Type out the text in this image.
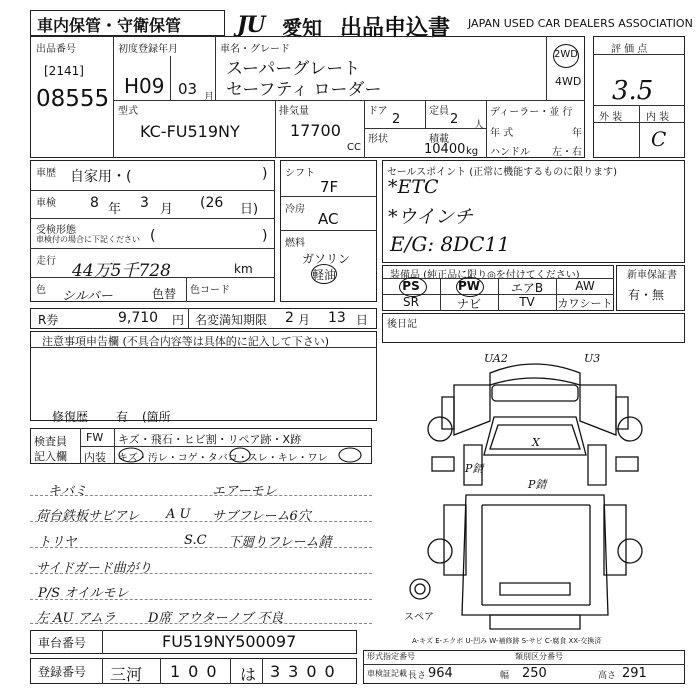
車内保管・守衛保管	JU 愛知 出品申込書 JAPAN USED CAR DEALERS ASSOCIATION
出品番号
[2141]
08555
初度登録年月
H09 03 月
車名・グレード
スーパーグレート
セーフティ ローダー
2WD
4WD
型式
KC-FU519NY
排気量
17700
CC
ドア
2
定員
2 人
形状	積載
10400 kg
ディーラー・並 行
年 式	年
ハンドル 左・右
評 価 点
3.5
外 装 内 装
C
車歴 自家用・(	)
車検 8 年 3 月 (26 日)
受検形態
車検付の場合に下記ください (	)
走行 44万5千728	km
色 シルバー	色替 色コード
シフト
7F
冷房
AC
燃料
ガソリン
軽油
セールスポイント (正常に機能するものに限ります)
*ETC
*ウインチ
E/G: 8DC11
装備品 (純正品に限り◎を付けてください)
PS	PW	エアB	AW
SR	ナビ	TV	カワシート
新車保証書
有・無
R券	9,710 円 名変満知期限 2 月 13 日 後日記
注意事項申告欄 (不具合内容等は具体的に記入して下さい)
修復歴 有 (箇所
検査員
記入欄
FW キズ・飛石・ヒビ割・リペア跡・X跡
内装 キズ・汚レ・コゲ・タバコ・スレ・キレ・ワレ
キバミ	エアーモレ
荷台鉄板サビアレ A U サブフレーム6穴
トリヤ	S.C 下廻りフレーム錆
サイドガード曲がり
P/S オイルモレ
左 AU アムラ D席 アウターノブ 不良
UA2	U3
P錆
P錆
X
スペア
A-キズ E-エクボ U-凹み W-補修跡 S-サビ C-腐食 XX-交換済
車台番号	FU519NY500097
登録番号 三河 100 は 3300
形式指定番号	類別区分番号
車検証記載 長さ 964	幅 250	高さ 291
